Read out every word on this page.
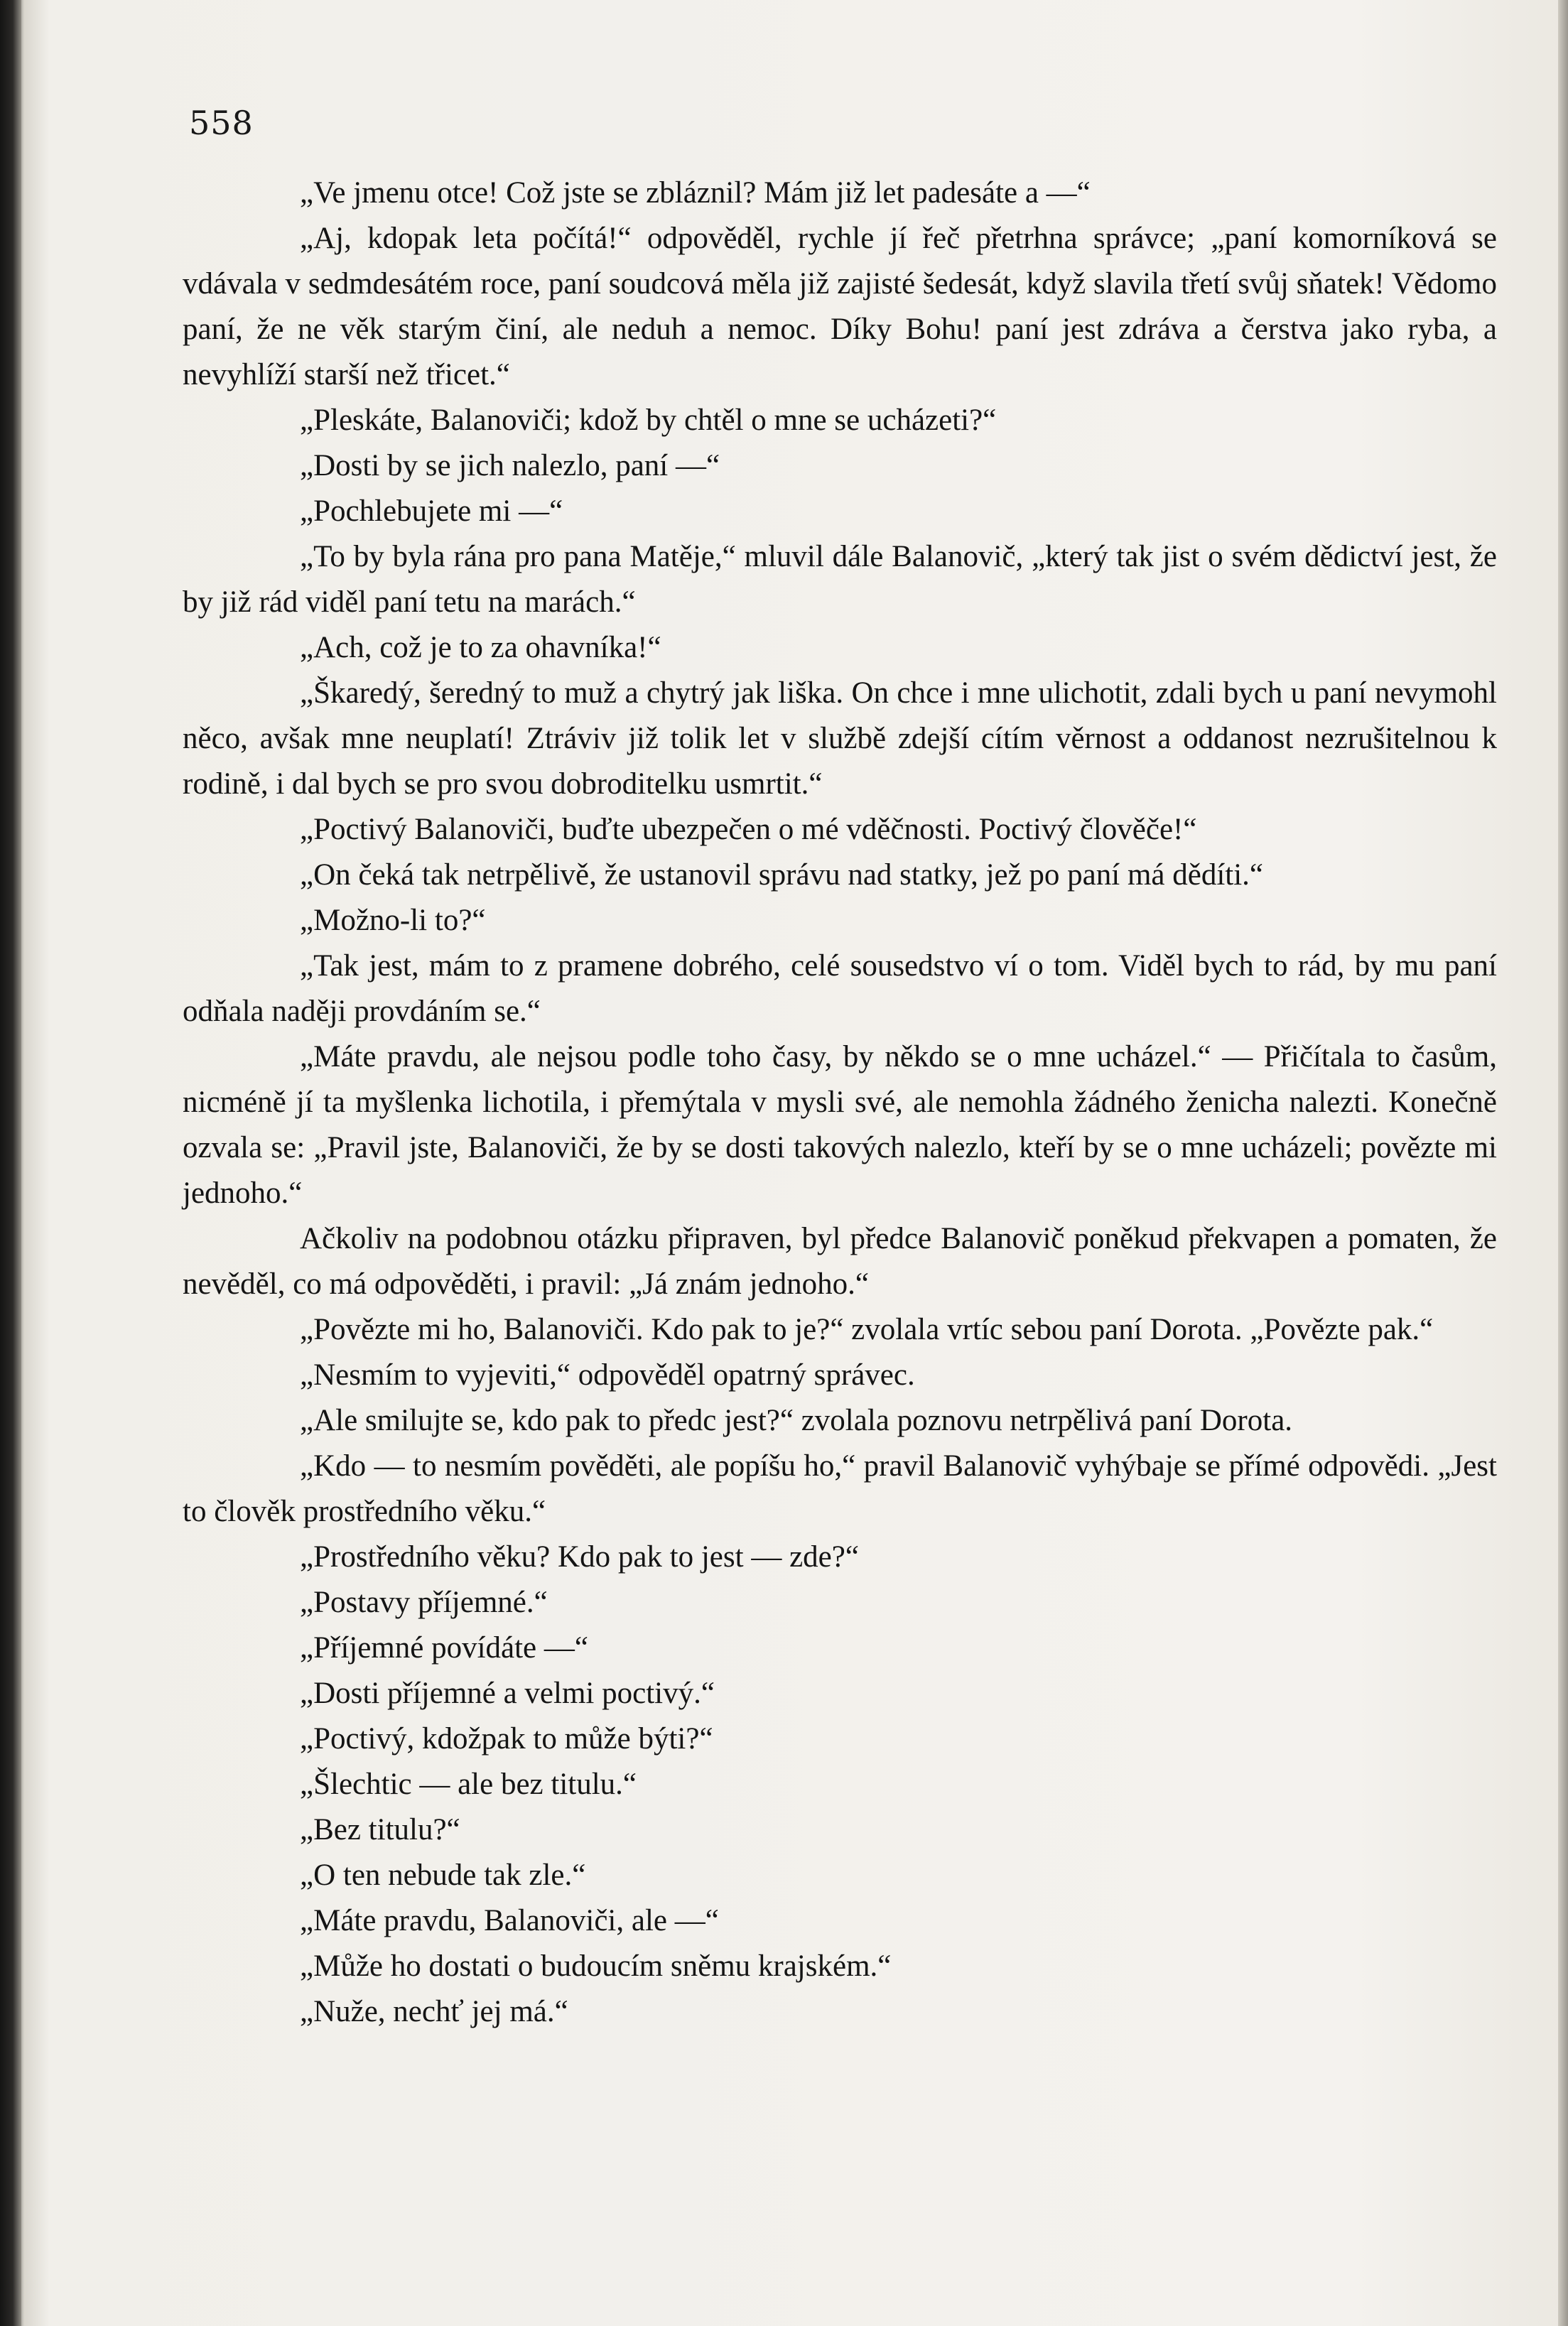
558

„Ve jmenu otce! Což jste se zbláznil? Mám již let padesáte a —“

„Aj, kdopak leta počítá!“ odpověděl, rychle jí řeč přetrhna správce; „paní komorníková se vdávala v sedmdesátém roce, paní soudcová měla již zajisté šedesát, když slavila třetí svůj sňatek! Vědomo paní, že ne věk starým činí, ale neduh a nemoc. Díky Bohu! paní jest zdráva a čerstva jako ryba, a nevyhlíží starší než třicet.“

„Pleskáte, Balanoviči; kdož by chtěl o mne se ucházeti?“

„Dosti by se jich nalezlo, paní —“

„Pochlebujete mi —“

„To by byla rána pro pana Matěje,“ mluvil dále Balanovič, „který tak jist o svém dědictví jest, že by již rád viděl paní tetu na marách.“

„Ach, což je to za ohavníka!“

„Škaredý, šeredný to muž a chytrý jak liška. On chce i mne ulichotit, zdali bych u paní nevymohl něco, avšak mne neuplatí! Ztráviv již tolik let v službě zdejší cítím věrnost a oddanost nezrušitelnou k rodině, i dal bych se pro svou dobroditelku usmrtit.“

„Poctivý Balanoviči, buďte ubezpečen o mé vděčnosti. Poctivý člověče!“

„On čeká tak netrpělivě, že ustanovil správu nad statky, jež po paní má dědíti.“

„Možno-li to?“

„Tak jest, mám to z pramene dobrého, celé sousedstvo ví o tom. Viděl bych to rád, by mu paní odňala naději provdáním se.“

„Máte pravdu, ale nejsou podle toho časy, by někdo se o mne ucházel.“ — Přičítala to časům, nicméně jí ta myšlenka lichotila, i přemýtala v mysli své, ale nemohla žádného ženicha nalezti. Konečně ozvala se: „Pravil jste, Balanoviči, že by se dosti takových nalezlo, kteří by se o mne ucházeli; povězte mi jednoho.“

Ačkoliv na podobnou otázku připraven, byl předce Balanovič poněkud překvapen a pomaten, že nevěděl, co má odpověděti, i pravil: „Já znám jednoho.“

„Povězte mi ho, Balanoviči. Kdo pak to je?“ zvolala vrtíc sebou paní Dorota. „Povězte pak.“

„Nesmím to vyjeviti,“ odpověděl opatrný správec.

„Ale smilujte se, kdo pak to předc jest?“ zvolala poznovu netrpělivá paní Dorota.

„Kdo — to nesmím pověděti, ale popíšu ho,“ pravil Balanovič vyhýbaje se přímé odpovědi. „Jest to člověk prostředního věku.“

„Prostředního věku? Kdo pak to jest — zde?“

„Postavy příjemné.“

„Příjemné povídáte —“

„Dosti příjemné a velmi poctivý.“

„Poctivý, kdožpak to může býti?“

„Šlechtic — ale bez titulu.“

„Bez titulu?“

„O ten nebude tak zle.“

„Máte pravdu, Balanoviči, ale —“

„Může ho dostati o budoucím sněmu krajském.“

„Nuže, nechť jej má.“
